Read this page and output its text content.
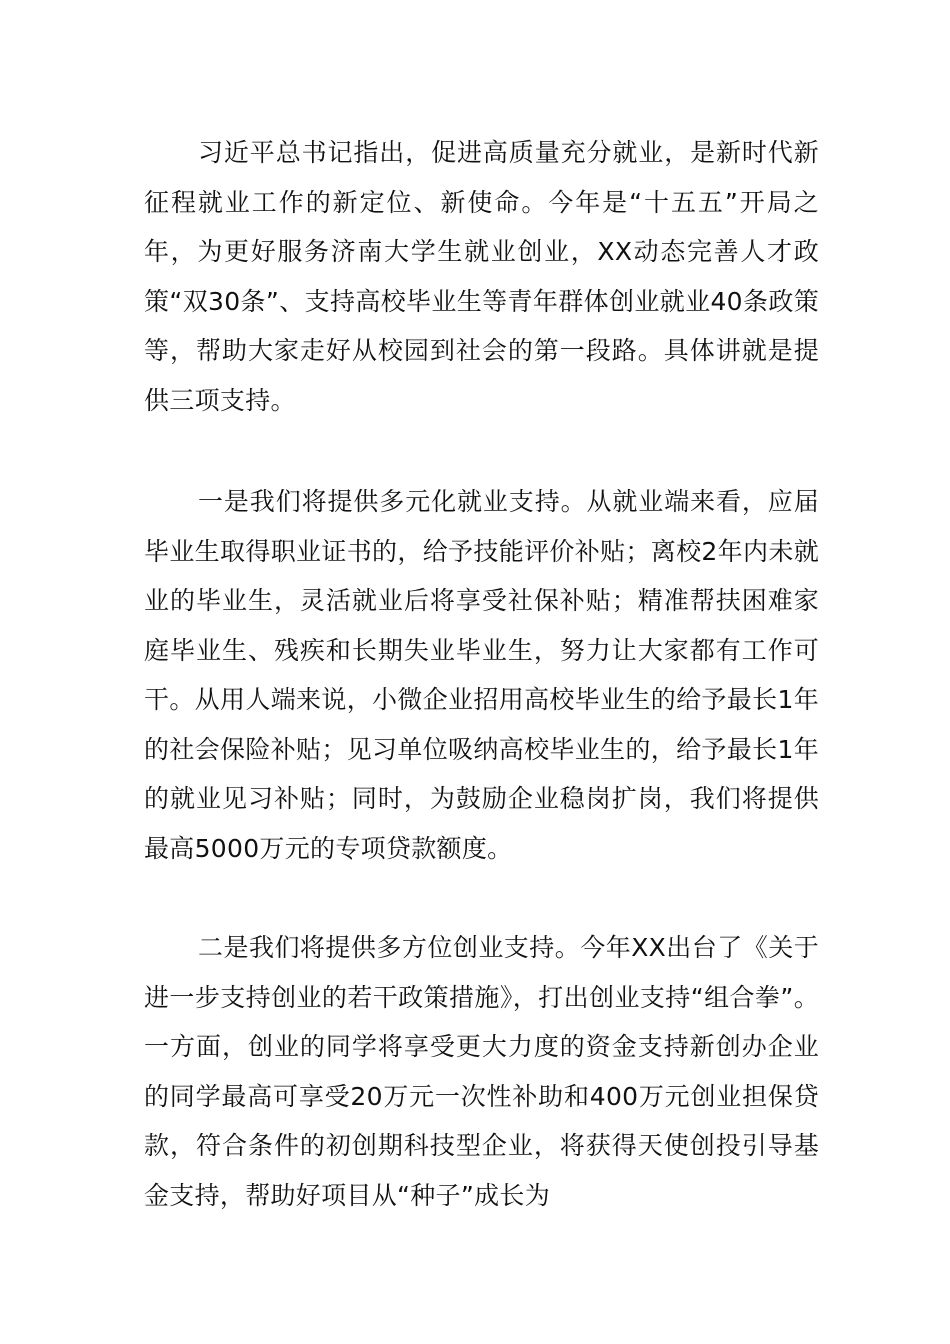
习近平总书记指出，促进高质量充分就业，是新时代新征程就业工作的新定位、新使命。今年是“十五五”开局之年，为更好服务济南大学生就业创业，XX动态完善人才政策“双30条”、支持高校毕业生等青年群体创业就业40条政策等，帮助大家走好从校园到社会的第一段路。具体讲就是提供三项支持。

一是我们将提供多元化就业支持。从就业端来看，应届毕业生取得职业证书的，给予技能评价补贴；离校2年内未就业的毕业生，灵活就业后将享受社保补贴；精准帮扶困难家庭毕业生、残疾和长期失业毕业生，努力让大家都有工作可干。从用人端来说，小微企业招用高校毕业生的给予最长1年的社会保险补贴；见习单位吸纳高校毕业生的，给予最长1年的就业见习补贴；同时，为鼓励企业稳岗扩岗，我们将提供最高5000万元的专项贷款额度。

二是我们将提供多方位创业支持。今年XX出台了《关于进一步支持创业的若干政策措施》，打出创业支持“组合拳”。一方面，创业的同学将享受更大力度的资金支持新创办企业的同学最高可享受20万元一次性补助和400万元创业担保贷款，符合条件的初创期科技型企业，将获得天使创投引导基金支持，帮助好项目从“种子”成长为
